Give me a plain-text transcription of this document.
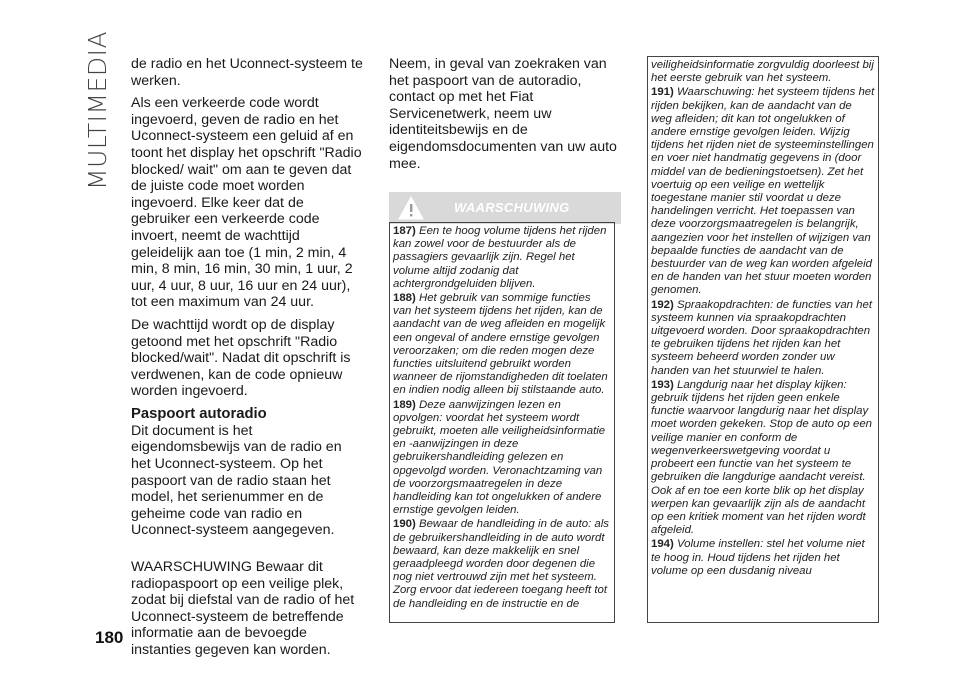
MULTIMEDIA
180

de radio en het Uconnect-systeem te werken.

Als een verkeerde code wordt ingevoerd, geven de radio en het Uconnect-systeem een geluid af en toont het display het opschrift "Radio blocked/ wait" om aan te geven dat de juiste code moet worden ingevoerd. Elke keer dat de gebruiker een verkeerde code invoert, neemt de wachttijd geleidelijk aan toe (1 min, 2 min, 4 min, 8 min, 16 min, 30 min, 1 uur, 2 uur, 4 uur, 8 uur, 16 uur en 24 uur), tot een maximum van 24 uur.

De wachttijd wordt op de display getoond met het opschrift "Radio blocked/wait". Nadat dit opschrift is verdwenen, kan de code opnieuw worden ingevoerd.

Paspoort autoradio

Dit document is het eigendomsbewijs van de radio en het Uconnect-systeem. Op het paspoort van de radio staan het model, het serienummer en de geheime code van radio en Uconnect-systeem aangegeven.

WAARSCHUWING Bewaar dit radiopaspoort op een veilige plek, zodat bij diefstal van de radio of het Uconnect-systeem de betreffende informatie aan de bevoegde instanties gegeven kan worden.

Neem, in geval van zoekraken van het paspoort van de autoradio, contact op met het Fiat Servicenetwerk, neem uw identiteitsbewijs en de eigendomsdocumenten van uw auto mee.

WAARSCHUWING

187) Een te hoog volume tijdens het rijden kan zowel voor de bestuurder als de passagiers gevaarlijk zijn. Regel het volume altijd zodanig dat achtergrondgeluiden blijven.

188) Het gebruik van sommige functies van het systeem tijdens het rijden, kan de aandacht van de weg afleiden en mogelijk een ongeval of andere ernstige gevolgen veroorzaken; om die reden mogen deze functies uitsluitend gebruikt worden wanneer de rijomstandigheden dit toelaten en indien nodig alleen bij stilstaande auto.

189) Deze aanwijzingen lezen en opvolgen: voordat het systeem wordt gebruikt, moeten alle veiligheidsinformatie en -aanwijzingen in deze gebruikershandleiding gelezen en opgevolgd worden. Veronachtzaming van de voorzorgsmaatregelen in deze handleiding kan tot ongelukken of andere ernstige gevolgen leiden.

190) Bewaar de handleiding in de auto: als de gebruikershandleiding in de auto wordt bewaard, kan deze makkelijk en snel geraadpleegd worden door degenen die nog niet vertrouwd zijn met het systeem. Zorg ervoor dat iedereen toegang heeft tot de handleiding en de instructie en de

veiligheidsinformatie zorgvuldig doorleest bij het eerste gebruik van het systeem.

191) Waarschuwing: het systeem tijdens het rijden bekijken, kan de aandacht van de weg afleiden; dit kan tot ongelukken of andere ernstige gevolgen leiden. Wijzig tijdens het rijden niet de systeeminstellingen en voer niet handmatig gegevens in (door middel van de bedieningstoetsen). Zet het voertuig op een veilige en wettelijk toegestane manier stil voordat u deze handelingen verricht. Het toepassen van deze voorzorgsmaatregelen is belangrijk, aangezien voor het instellen of wijzigen van bepaalde functies de aandacht van de bestuurder van de weg kan worden afgeleid en de handen van het stuur moeten worden genomen.

192) Spraakopdrachten: de functies van het systeem kunnen via spraakopdrachten uitgevoerd worden. Door spraakopdrachten te gebruiken tijdens het rijden kan het systeem beheerd worden zonder uw handen van het stuurwiel te halen.

193) Langdurig naar het display kijken: gebruik tijdens het rijden geen enkele functie waarvoor langdurig naar het display moet worden gekeken. Stop de auto op een veilige manier en conform de wegenverkeerswetgeving voordat u probeert een functie van het systeem te gebruiken die langdurige aandacht vereist. Ook af en toe een korte blik op het display werpen kan gevaarlijk zijn als de aandacht op een kritiek moment van het rijden wordt afgeleid.

194) Volume instellen: stel het volume niet te hoog in. Houd tijdens het rijden het volume op een dusdanig niveau
